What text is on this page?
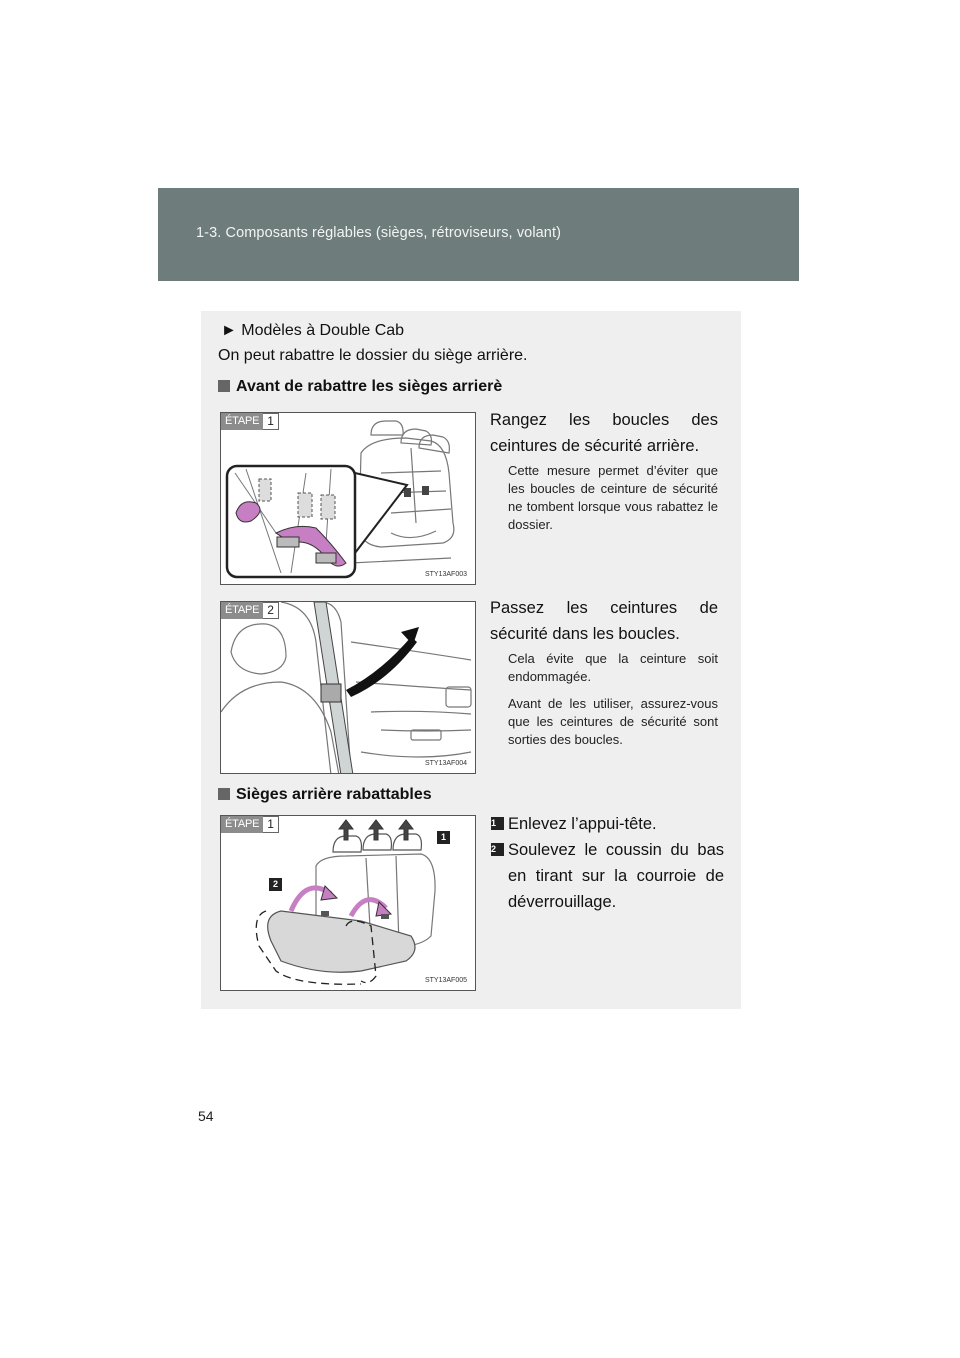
1-3. Composants réglables (sièges, rétroviseurs, volant)
► Modèles à Double Cab
On peut rabattre le dossier du siège arrière.
Avant de rabattre les sièges arrierè
ÉTAPE 1
STY13AF003
Rangez les boucles des ceintures de sécurité arrière.
Cette mesure permet d’éviter que les boucles de ceinture de sécurité ne tombent lorsque vous rabattez le dossier.
ÉTAPE 2
STY13AF004
Passez les ceintures de sécurité dans les boucles.
Cela évite que la ceinture soit endommagée.
Avant de les utiliser, assurez-vous que les ceintures de sécurité sont sorties des boucles.
Sièges arrière rabattables
1
2
ÉTAPE 1
STY13AF005
1 Enlevez l’appui-tête.
2 Soulevez le coussin du bas en tirant sur la courroie de déverrouillage.
54
